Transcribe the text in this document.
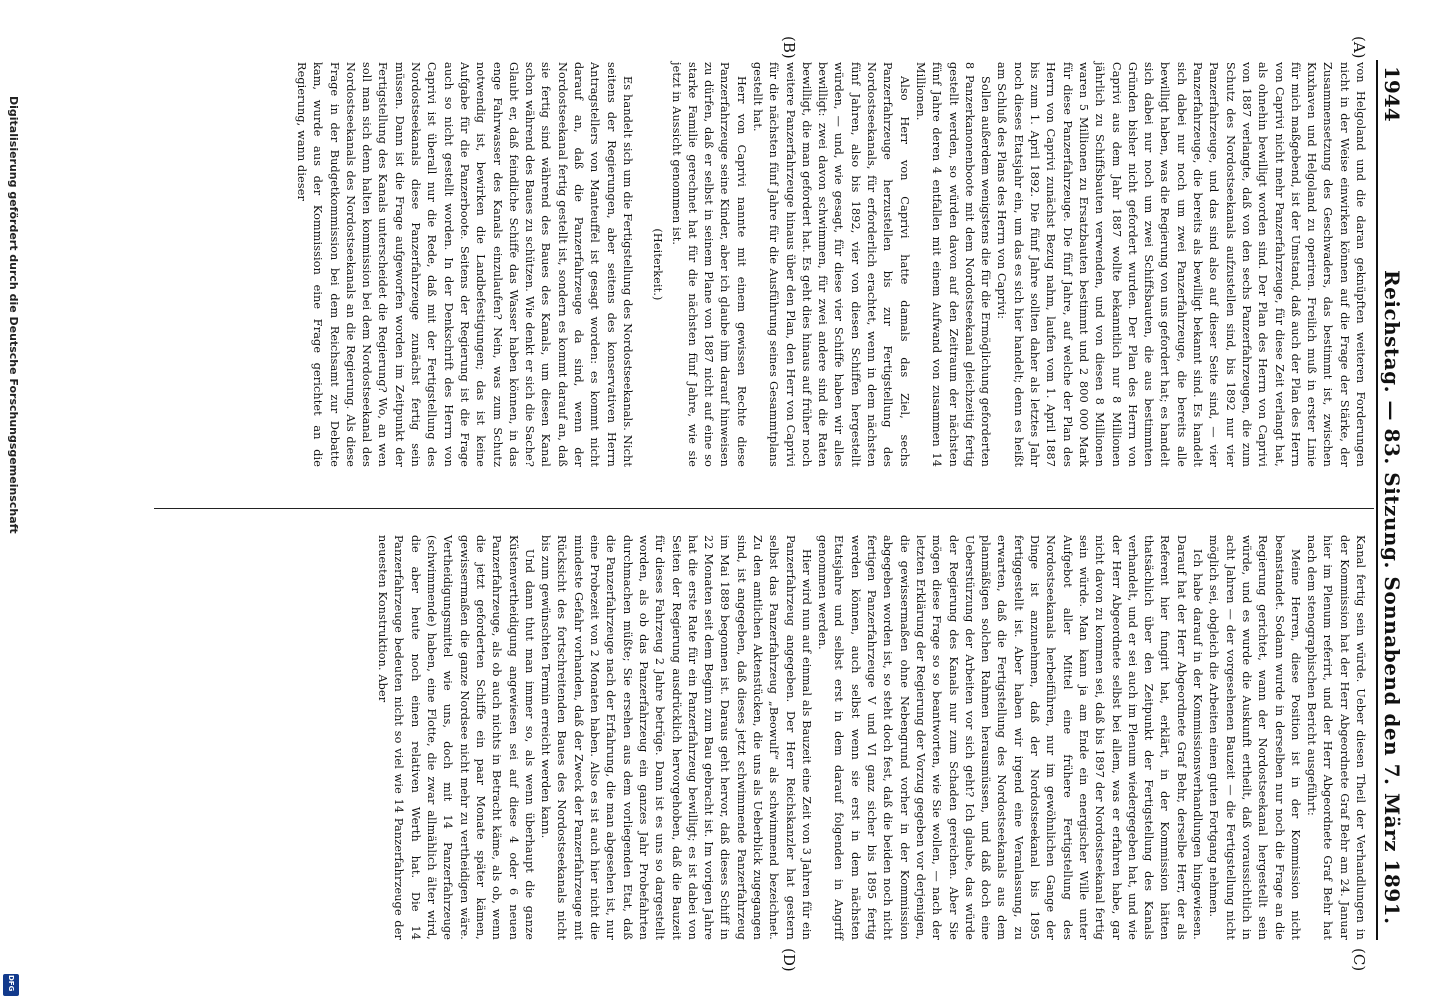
1944
Reichstag. — 83. Sitzung. Sonnabend den 7. März 1891.
(A)
(B)
(C)
(D)

von Helgoland und die daran geknüpften weiteren Forderungen nicht in der Weise einwirken können auf die Frage der Stärke, der Zusammensetzung des Geschwaders, das bestimmt ist, zwischen Kuxhaven und Helgoland zu operiren. Freilich muß in erster Linie für mich maßgebend, ist der Umstand, daß auch der Plan des Herrn von Caprivi nicht mehr Panzerfahrzeuge, für diese Zeit verlangt hat, als ohnehin bewilligt worden sind. Der Plan des Herrn von Caprivi von 1887 verlangte, daß von den sechs Panzerfahrzeugen, die zum Schutz des Nordostseekanals aufzustellen sind, bis 1892 nur vier Panzerfahrzeuge, und das sind also auf dieser Seite sind, — vier Panzerfahrzeuge, die bereits als bewilligt bekannt sind. Es handelt sich dabei nur noch um zwei Panzerfahrzeuge, die bereits alle bewilligt haben, was die Regierung von uns gefordert hat; es handelt sich dabei nur noch um zwei Schiffsbauten, die aus bestimmten Gründen bisher nicht gefordert wurden. Der Plan des Herrn von Caprivi aus dem Jahr 1887 wollte bekanntlich nur 8 Millionen jährlich zu Schiffsbauten verwenden, und von diesen 8 Millionen waren 5 Millionen zu Ersatzbauten bestimmt und 2 800 000 Mark für diese Panzerfahrzeuge. Die fünf Jahre, auf welche der Plan des Herrn von Caprivi zunächst Bezug nahm, laufen vom 1. April 1887 bis zum 1. April 1892. Die fünf Jahre sollten daher als letztes Jahr noch dieses Etatsjahr ein, um das es sich hier handelt; denn es heißt am Schluß des Plans des Herrn von Caprivi:

Sollen außerdem wenigstens die für die Ermöglichung geforderten 8 Panzerkanonenboote mit dem Nordostseekanal gleichzeitig fertig gestellt werden, so würden davon auf den Zeitraum der nächsten fünf Jahre deren 4 entfallen mit einem Aufwand von zusammen 14 Millionen.

Also Herr von Caprivi hatte damals das Ziel, sechs Panzerfahrzeuge herzustellen bis zur Fertigstellung des Nordostseekanals, für erforderlich erachtet, wenn in dem nächsten fünf Jahren, also bis 1892, vier von diesen Schiffen hergestellt würden, — und, wie gesagt, für diese vier Schiffe haben wir alles bewilligt: zwei davon schwimmen, für zwei andere sind die Raten bewilligt, die man gefordert hat. Es geht dies hinaus auf früher noch weitere Panzerfahrzeuge hinaus über den Plan, den Herr von Caprivi für die nächsten fünf Jahre für die Ausführung seines Gesammtplans gestellt hat.

Herr von Caprivi nannte mit einem gewissen Rechte diese Panzerfahrzeuge seine Kinder, aber ich glaube ihm darauf hinweisen zu dürfen, daß er selbst in seinem Plane von 1887 nicht auf eine so starke Familie gerechnet hat für die nächsten fünf Jahre, wie sie jetzt in Aussicht genommen ist.

(Heiterkeit.)

Es handelt sich um die Fertigstellung des Nordostseekanals. Nicht seitens der Regierungen, aber seitens des konservativen Herrn Antragstellers von Manteuffel ist gesagt worden: es kommt nicht darauf an, daß die Panzerfahrzeuge da sind, wenn der Nordostseekanal fertig gestellt ist, sondern es kommt darauf an, daß sie fertig sind während des Baues des Kanals, um diesen Kanal schon während des Baues zu schützen. Wie denkt er sich die Sache? Glaubt er, daß feindliche Schiffe das Wasser haben können, in das enge Fahrwasser des Kanals einzulaufen? Nein, was zum Schutz notwendig ist, bewirken die Landbefestigungen; das ist keine Aufgabe für die Panzerboote. Seitens der Regierung ist die Frage auch so nicht gestellt worden. In der Denkschrift des Herrn von Caprivi ist überall nur die Rede, daß mit der Fertigstellung des Nordostseekanals diese Panzerfahrzeuge zunächst fertig sein müssen. Dann ist die Frage aufgeworfen worden im Zeitpunkt der Fertigstellung des Kanals unterscheidet die Regierung? Wo, an wen soll man sich denn halten kommission bei dem Nordostseekanal des Nordostseekanals des Nordostseekanals an die Regierung. Als diese Frage in der Budgetkommission bei dem Reichsamt zur Debatte kam, wurde aus der Kommission eine Frage gerichtet an die Regierung, wann dieser

Kanal fertig sein würde. Ueber diesen Theil der Verhandlungen in der Kommission hat der Herr Abgeordnete Graf Behr am 24. Januar hier im Plenum referirt, und der Herr Abgeordnete Graf Behr hat nach dem stenographischen Bericht ausgeführt:

Meine Herren, diese Position ist in der Kommission nicht beanstandet. Sodann wurde in derselben nur noch die Frage an die Regierung gerichtet, wann der Nordostseekanal hergestellt sein würde, und es wurde die Auskunft ertheilt, daß voraussichtlich in acht Jahren — der vorgesehenen Bauzeit — die Fertigstellung nicht möglich sei, obgleich die Arbeiten einen guten Fortgang nehmen.

Ich habe darauf in der Kommissionsverhandlungen hingewiesen. Darauf hat der Herr Abgeordnete Graf Behr, derselbe Herr, der als Referent hier fungirt hat, erklärt, in der Kommission hätten thatsächlich über den Zeitpunkt der Fertigstellung des Kanals verhandelt, und er sei auch im Plenum wiedergegeben hat, und wie der Herr Abgeordnete selbst bei allem, was er erfahren habe, gar nicht davon zu kommen sei, daß bis 1897 der Nordostseekanal fertig sein würde. Man kann ja am Ende ein energischer Wille unter Aufgebot aller Mittel eine frühere Fertigstellung des Nordostseekanals herbeiführen, nur im gewöhnlichen Gange der Dinge ist anzunehmen, daß der Nordostseekanal bis 1895 fertiggestellt ist. Aber haben wir irgend eine Veranlassung, zu erwarten, daß die Fertigstellung des Nordostseekanals aus dem planmäßigen solchen Rahmen herausmüssen, und daß doch eine Ueberstürzung der Arbeiten vor sich geht? Ich glaube, das würde der Regierung des Kanals nur zum Schaden gereichen. Aber Sie mögen diese Frage so so beantworten, wie Sie wollen, — nach der letzten Erklärung der Regierung der Vorzug gegeben vor derjenigen, die gewissermaßen ohne Nebengrund vorher in der Kommission abgegeben worden ist, so steht doch fest, daß die beiden noch nicht fertigen Panzerfahrzeuge V und VI ganz sicher bis 1895 fertig werden können, auch selbst wenn sie erst in dem nächsten Etatsjahre und selbst erst in dem darauf folgenden in Angriff genommen werden.

Hier wird nun auf einmal als Bauzeit eine Zeit von 3 Jahren für ein Panzerfahrzeug angegeben. Der Herr Reichskanzler hat gestern selbst das Panzerfahrzeug „Beowulf“ als schwimmend bezeichnet. Zu den amtlichen Aktenstücken, die uns als Ueberblick zugegangen sind, ist angegeben, daß dieses jetzt schwimmende Panzerfahrzeug im Mai 1889 begonnen ist. Daraus geht hervor, daß dieses Schiff in 22 Monaten seit dem Beginn zum Bau gebracht ist. Im vorigen Jahre hat die erste Rate für ein Panzerfahrzeug bewilligt; es ist dabei von Seiten der Regierung ausdrücklich hervorgehoben, daß die Bauzeit für dieses Fahrzeug 2 Jahre betrüge. Dann ist es uns so dargestellt worden, als ob das Panzerfahrzeug ein ganzes Jahr Probefahrten durchmachen müßte; Sie ersehen aus dem vorliegenden Etat, daß die Panzerfahrzeuge nach der Erfahrung, die man abgesehen ist, nur eine Probezeit von 2 Monaten haben. Also es ist auch hier nicht die mindeste Gefahr vorhanden, daß der Zweck der Panzerfahrzeuge mit Rücksicht des fortschreitenden Baues des Nordostseekanals nicht bis zum gewünschten Termin erreicht werden kann.

Und dann thut man immer so, als wenn überhaupt die ganze Küstenvertheidigung angewiesen sei auf diese 4 oder 6 neuen Panzerfahrzeuge, als ob auch nichts in Betracht käme, als ob, wenn die jetzt geforderten Schiffe ein paar Monate später kämen, gewissermaßen die ganze Nordsee nicht mehr zu vertheidigen wäre. Vertheidigungsmittel wie uns, doch mit 14 Panzerfahrzeuge (schwimmende) haben, eine Flotte, die zwar allmählich älter wird, die aber heute noch einen relativen Werth hat. Die 14 Panzerfahrzeuge bedeuten nicht so viel wie 14 Panzerfahrzeuge der neuesten Konstruktion. Aber

Digitalisierung gefördert durch die Deutsche Forschungsgemeinschaft
DFG
